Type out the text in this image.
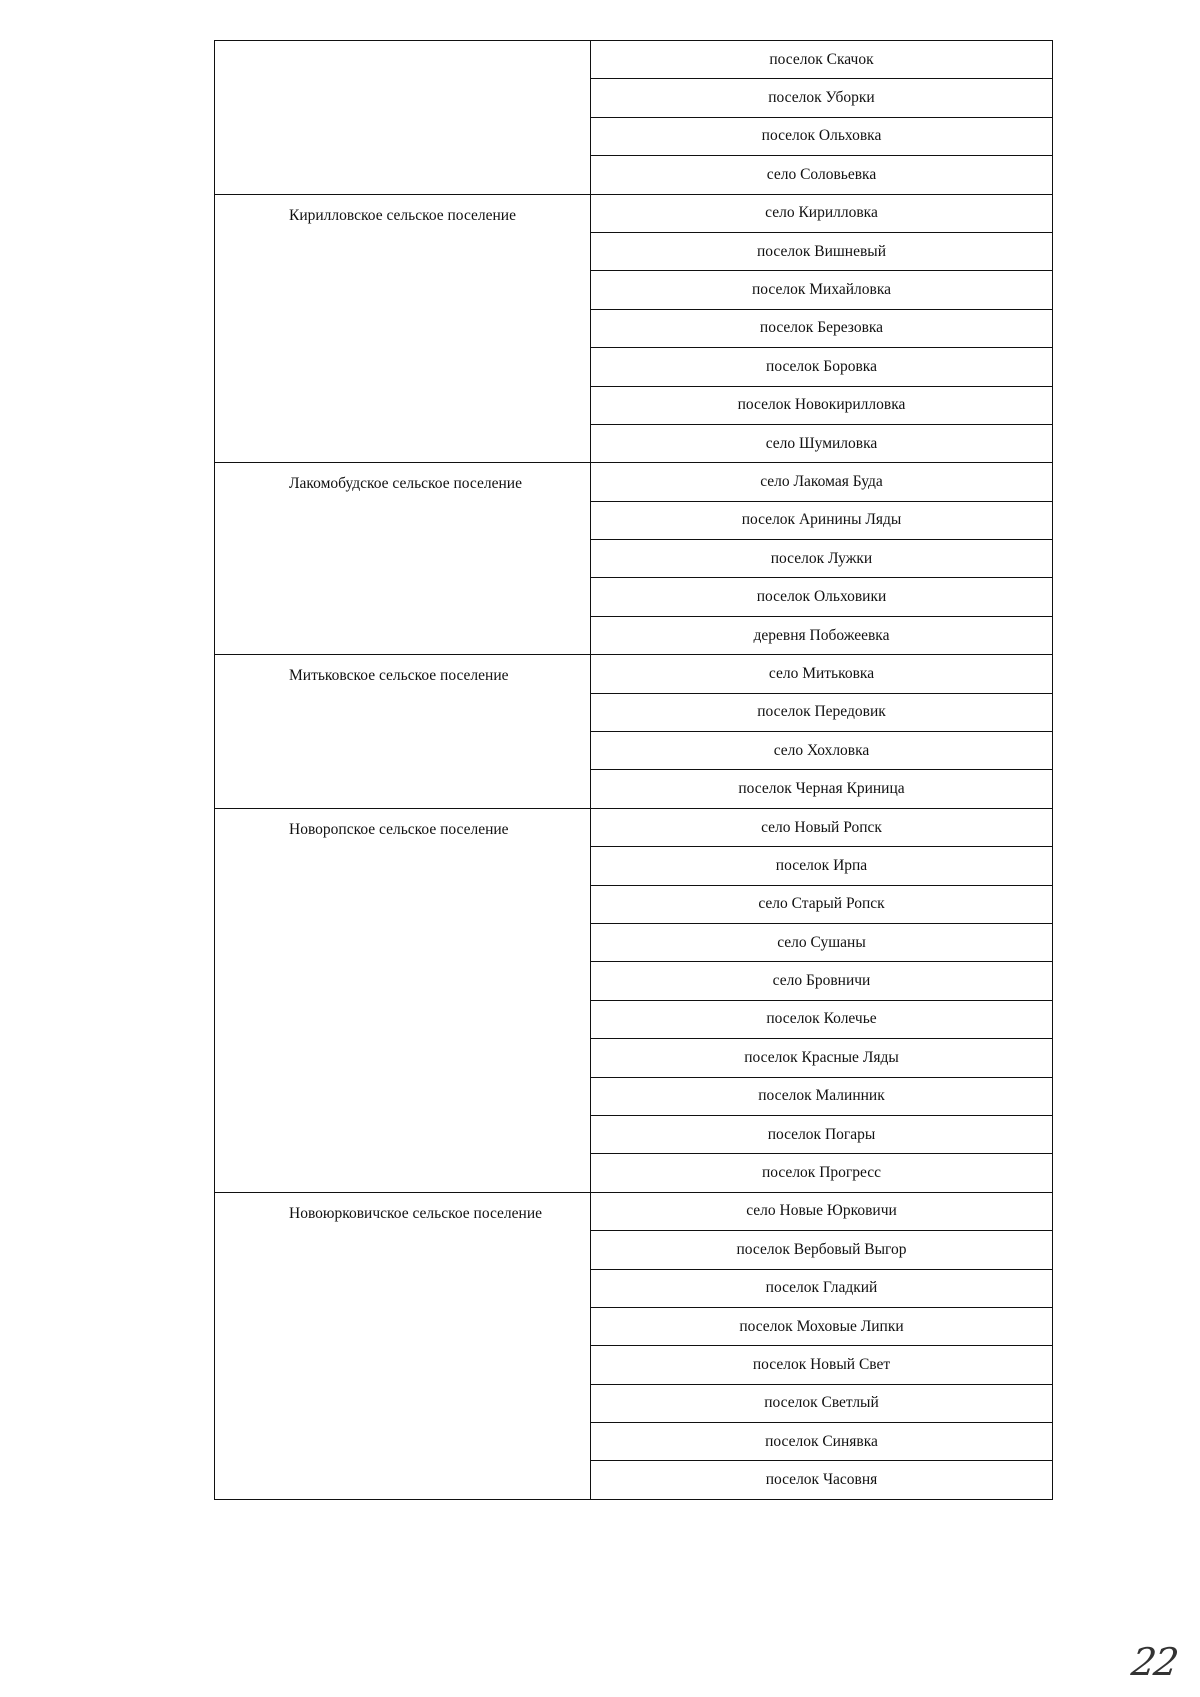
	поселок Скачок
	поселок Уборки
	поселок Ольховка
	село Соловьевка
Кирилловское сельское поселение	село Кирилловка
	поселок Вишневый
	поселок Михайловка
	поселок Березовка
	поселок Боровка
	поселок Новокирилловка
	село Шумиловка
Лакомобудское сельское поселение	село Лакомая Буда
	поселок Аринины Ляды
	поселок Лужки
	поселок Ольховики
	деревня Побожеевка
Митьковское сельское поселение	село Митьковка
	поселок Передовик
	село Хохловка
	поселок Черная Криница
Новоропское сельское поселение	село Новый Ропск
	поселок Ирпа
	село Старый Ропск
	село Сушаны
	село Бровничи
	поселок Колечье
	поселок Красные Ляды
	поселок Малинник
	поселок Погары
	поселок Прогресс
Новоюрковичское сельское поселение	село Новые Юрковичи
	поселок Вербовый Выгор
	поселок Гладкий
	поселок Моховые Липки
	поселок Новый Свет
	поселок Светлый
	поселок Синявка
	поселок Часовня
22
